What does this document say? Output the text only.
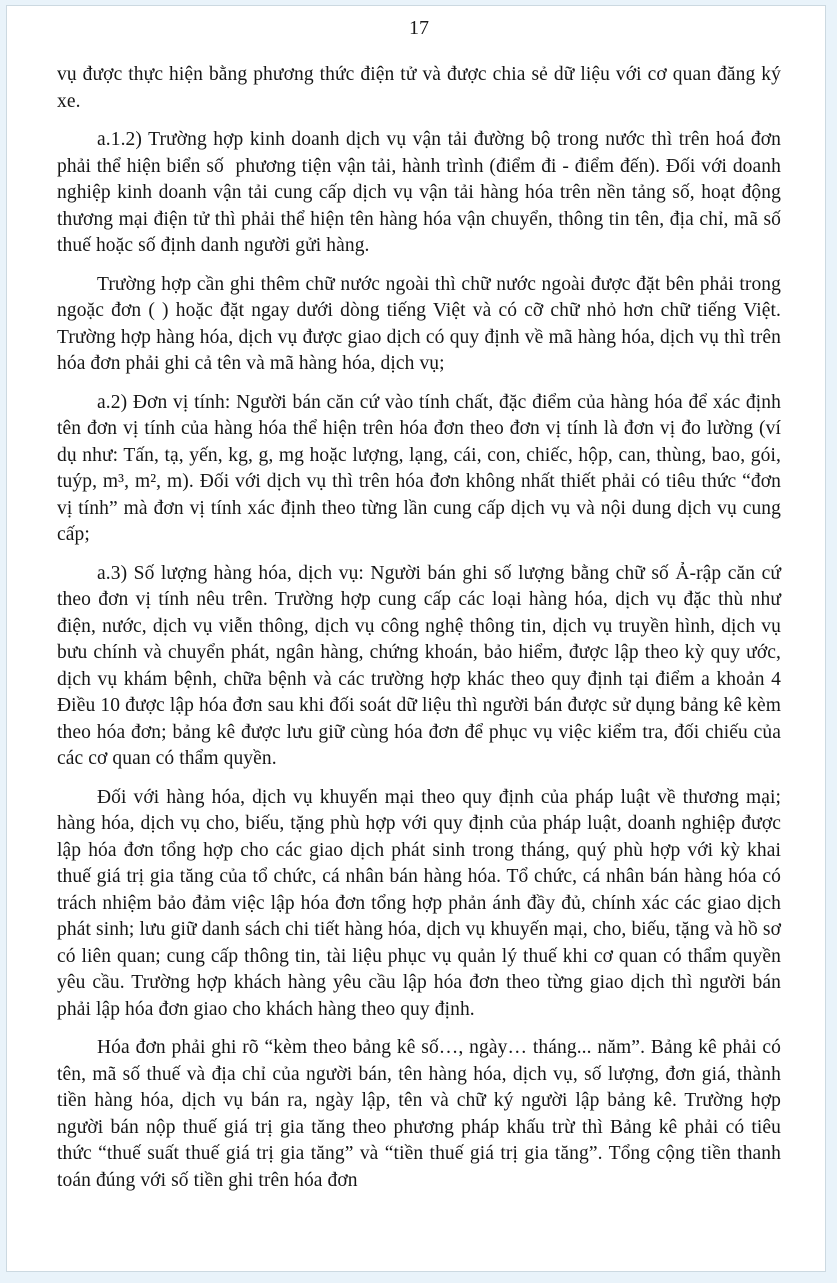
17

vụ được thực hiện bằng phương thức điện tử và được chia sẻ dữ liệu với cơ quan đăng ký xe.

a.1.2) Trường hợp kinh doanh dịch vụ vận tải đường bộ trong nước thì trên hoá đơn phải thể hiện biển số  phương tiện vận tải, hành trình (điểm đi - điểm đến). Đối với doanh nghiệp kinh doanh vận tải cung cấp dịch vụ vận tải hàng hóa trên nền tảng số, hoạt động thương mại điện tử thì phải thể hiện tên hàng hóa vận chuyển, thông tin tên, địa chỉ, mã số thuế hoặc số định danh người gửi hàng.

Trường hợp cần ghi thêm chữ nước ngoài thì chữ nước ngoài được đặt bên phải trong ngoặc đơn ( ) hoặc đặt ngay dưới dòng tiếng Việt và có cỡ chữ nhỏ hơn chữ tiếng Việt. Trường hợp hàng hóa, dịch vụ được giao dịch có quy định về mã hàng hóa, dịch vụ thì trên hóa đơn phải ghi cả tên và mã hàng hóa, dịch vụ;

a.2) Đơn vị tính: Người bán căn cứ vào tính chất, đặc điểm của hàng hóa để xác định tên đơn vị tính của hàng hóa thể hiện trên hóa đơn theo đơn vị tính là đơn vị đo lường (ví dụ như: Tấn, tạ, yến, kg, g, mg hoặc lượng, lạng, cái, con, chiếc, hộp, can, thùng, bao, gói, tuýp, m³, m², m). Đối với dịch vụ thì trên hóa đơn không nhất thiết phải có tiêu thức “đơn vị tính” mà đơn vị tính xác định theo từng lần cung cấp dịch vụ và nội dung dịch vụ cung cấp;

a.3) Số lượng hàng hóa, dịch vụ: Người bán ghi số lượng bằng chữ số Ả-rập căn cứ theo đơn vị tính nêu trên. Trường hợp cung cấp các loại hàng hóa, dịch vụ đặc thù như điện, nước, dịch vụ viễn thông, dịch vụ công nghệ thông tin, dịch vụ truyền hình, dịch vụ bưu chính và chuyển phát, ngân hàng, chứng khoán, bảo hiểm, được lập theo kỳ quy ước, dịch vụ khám bệnh, chữa bệnh và các trường hợp khác theo quy định tại điểm a khoản 4 Điều 10 được lập hóa đơn sau khi đối soát dữ liệu thì người bán được sử dụng bảng kê kèm theo hóa đơn; bảng kê được lưu giữ cùng hóa đơn để phục vụ việc kiểm tra, đối chiếu của các cơ quan có thẩm quyền.

Đối với hàng hóa, dịch vụ khuyến mại theo quy định của pháp luật về thương mại; hàng hóa, dịch vụ cho, biếu, tặng phù hợp với quy định của pháp luật, doanh nghiệp được lập hóa đơn tổng hợp cho các giao dịch phát sinh trong tháng, quý phù hợp với kỳ khai thuế giá trị gia tăng của tổ chức, cá nhân bán hàng hóa. Tổ chức, cá nhân bán hàng hóa có trách nhiệm bảo đảm việc lập hóa đơn tổng hợp phản ánh đầy đủ, chính xác các giao dịch phát sinh; lưu giữ danh sách chi tiết hàng hóa, dịch vụ khuyến mại, cho, biếu, tặng và hồ sơ có liên quan; cung cấp thông tin, tài liệu phục vụ quản lý thuế khi cơ quan có thẩm quyền yêu cầu. Trường hợp khách hàng yêu cầu lập hóa đơn theo từng giao dịch thì người bán phải lập hóa đơn giao cho khách hàng theo quy định.

Hóa đơn phải ghi rõ “kèm theo bảng kê số…, ngày… tháng... năm”. Bảng kê phải có tên, mã số thuế và địa chỉ của người bán, tên hàng hóa, dịch vụ, số lượng, đơn giá, thành tiền hàng hóa, dịch vụ bán ra, ngày lập, tên và chữ ký người lập bảng kê. Trường hợp người bán nộp thuế giá trị gia tăng theo phương pháp khấu trừ thì Bảng kê phải có tiêu thức “thuế suất thuế giá trị gia tăng” và “tiền thuế giá trị gia tăng”. Tổng cộng tiền thanh toán đúng với số tiền ghi trên hóa đơn
